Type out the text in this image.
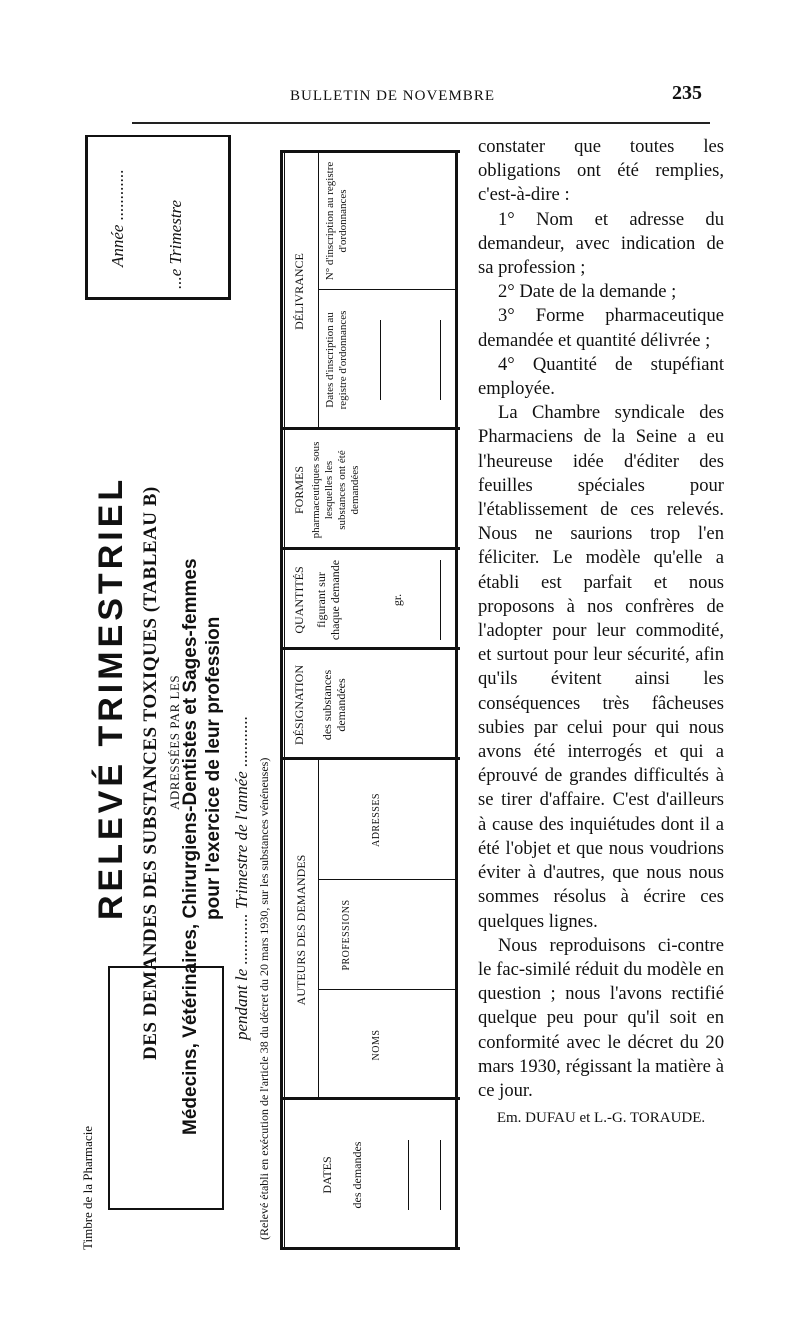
BULLETIN DE NOVEMBRE	235
Timbre de la Pharmacie
RELEVÉ TRIMESTRIEL DES DEMANDES DES SUBSTANCES TOXIQUES (TABLEAU B) ADRESSÉES PAR LES
Médecins, Vétérinaires, Chirurgiens-Dentistes et Sages-femmes pour l'exercice de leur profession pendant le ............ Trimestre de l'année ............ (Relevé établi en exécution de l'article 38 du décret du 20 mars 1930, sur les substances vénéneuses)
Année ............ ...e Trimestre
DATES des demandes
AUTEURS DES DEMANDES
NOMS
PROFESSIONS
ADRESSES
DÉSIGNATION des substances demandées
QUANTITÉS figurant sur chaque demande	gr.
FORMES pharmaceutiques sous lesquelles les substances ont été demandées
DÉLIVRANCE
Dates d'inscription au registre d'ordonnances
N° d'inscription au registre d'ordonnances

constater que toutes les obligations ont été remplies, c'est-à-dire :

1° Nom et adresse du demandeur, avec indication de sa profession ;

2° Date de la demande ;

3° Forme pharmaceutique demandée et quantité délivrée ;

4° Quantité de stupéfiant employée.

La Chambre syndicale des Pharmaciens de la Seine a eu l'heureuse idée d'éditer des feuilles spéciales pour l'établissement de ces relevés. Nous ne saurions trop l'en féliciter. Le modèle qu'elle a établi est parfait et nous proposons à nos confrères de l'adopter pour leur commodité, et surtout pour leur sécurité, afin qu'ils évitent ainsi les conséquences très fâcheuses subies par celui pour qui nous avons été interrogés et qui a éprouvé de grandes difficultés à se tirer d'affaire. C'est d'ailleurs à cause des inquiétudes dont il a été l'objet et que nous voudrions éviter à d'autres, que nous nous sommes résolus à écrire ces quelques lignes.

Nous reproduisons ci-contre le fac-similé réduit du modèle en question ; nous l'avons rectifié quelque peu pour qu'il soit en conformité avec le décret du 20 mars 1930, régissant la matière à ce jour.

Em. DUFAU et L.-G. TORAUDE.
